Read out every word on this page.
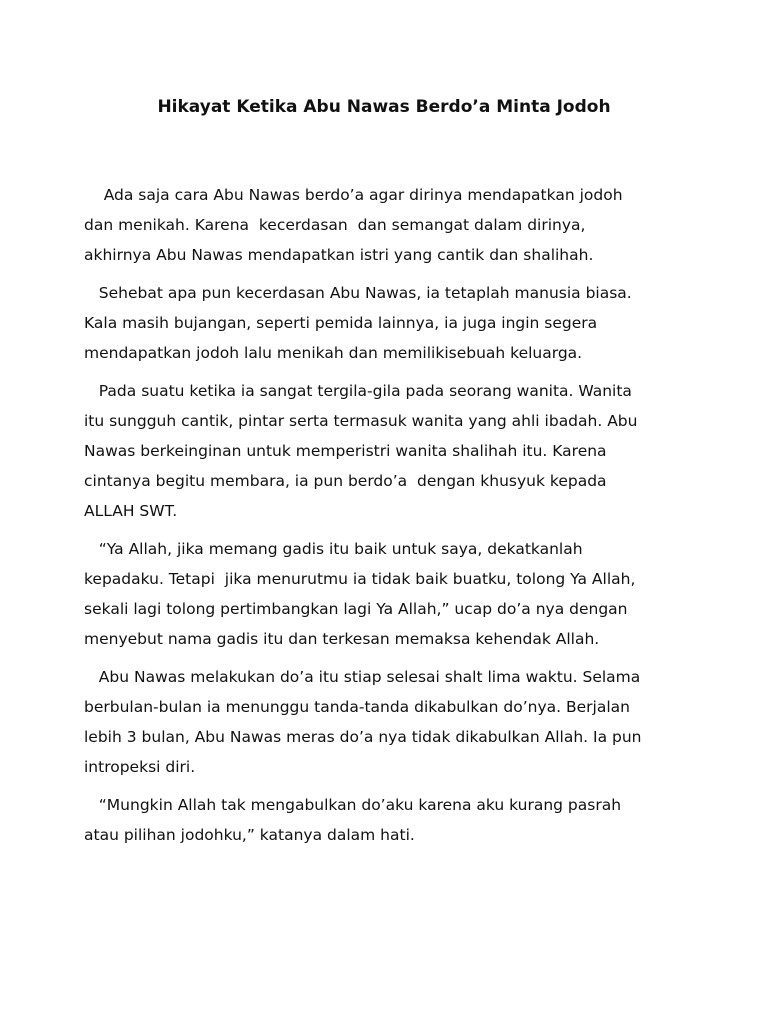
Hikayat Ketika Abu Nawas Berdo’a Minta Jodoh

Ada saja cara Abu Nawas berdo’a agar dirinya mendapatkan jodoh
dan menikah. Karena  kecerdasan  dan semangat dalam dirinya,
akhirnya Abu Nawas mendapatkan istri yang cantik dan shalihah.

Sehebat apa pun kecerdasan Abu Nawas, ia tetaplah manusia biasa.
Kala masih bujangan, seperti pemida lainnya, ia juga ingin segera
mendapatkan jodoh lalu menikah dan memilikisebuah keluarga.

Pada suatu ketika ia sangat tergila-gila pada seorang wanita. Wanita
itu sungguh cantik, pintar serta termasuk wanita yang ahli ibadah. Abu
Nawas berkeinginan untuk memperistri wanita shalihah itu. Karena
cintanya begitu membara, ia pun berdo’a  dengan khusyuk kepada
ALLAH SWT.

“Ya Allah, jika memang gadis itu baik untuk saya, dekatkanlah
kepadaku. Tetapi  jika menurutmu ia tidak baik buatku, tolong Ya Allah,
sekali lagi tolong pertimbangkan lagi Ya Allah,” ucap do’a nya dengan
menyebut nama gadis itu dan terkesan memaksa kehendak Allah.

Abu Nawas melakukan do’a itu stiap selesai shalt lima waktu. Selama
berbulan-bulan ia menunggu tanda-tanda dikabulkan do’nya. Berjalan
lebih 3 bulan, Abu Nawas meras do’a nya tidak dikabulkan Allah. Ia pun
intropeksi diri.

“Mungkin Allah tak mengabulkan do’aku karena aku kurang pasrah
atau pilihan jodohku,” katanya dalam hati.
